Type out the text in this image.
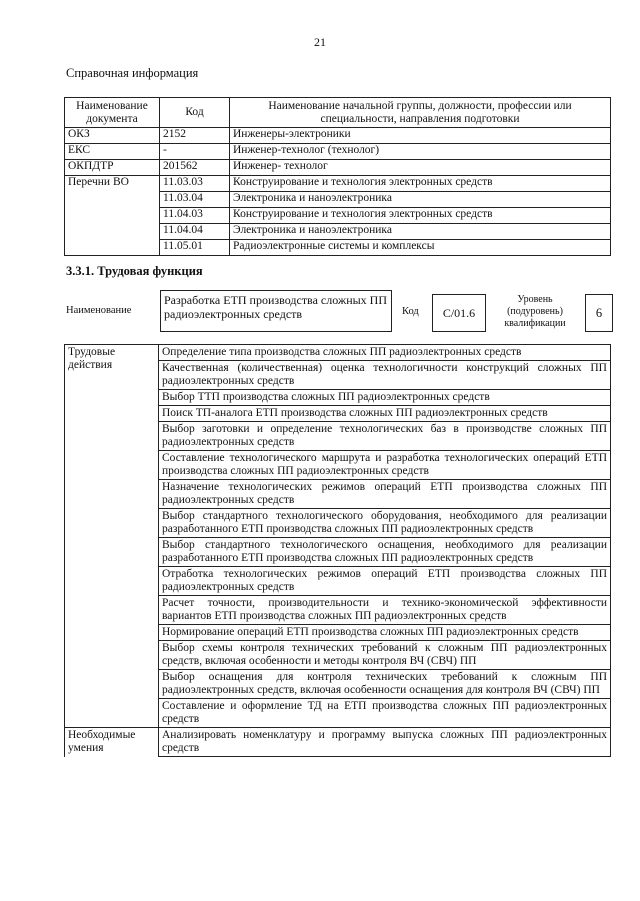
21
Справочная информация
Наименование документа	Код	Наименование начальной группы, должности, профессии или специальности, направления подготовки
ОКЗ	2152	Инженеры-электроники
ЕКС	-	Инженер-технолог (технолог)
ОКПДТР	201562	Инженер- технолог
Перечни ВО	11.03.03	Конструирование и технология электронных средств
	11.03.04	Электроника и наноэлектроника
	11.04.03	Конструирование и технология электронных средств
	11.04.04	Электроника и наноэлектроника
	11.05.01	Радиоэлектронные системы и комплексы
3.3.1. Трудовая функция
Наименование
Разработка ЕТП производства сложных ПП радиоэлектронных средств	Код	C/01.6
Уровень (подуровень) квалификации
6
Трудовые действия	Определение типа производства сложных ПП радиоэлектронных средств
	Качественная (количественная) оценка технологичности конструкций сложных ПП радиоэлектронных средств
	Выбор ТТП производства сложных ПП радиоэлектронных средств
	Поиск ТП-аналога ЕТП производства сложных ПП радиоэлектронных средств
	Выбор заготовки и определение технологических баз в производстве сложных ПП радиоэлектронных средств
	Составление технологического маршрута и разработка технологических операций ЕТП производства сложных ПП радиоэлектронных средств
	Назначение технологических режимов операций ЕТП производства сложных ПП радиоэлектронных средств
	Выбор стандартного технологического оборудования, необходимого для реализации разработанного ЕТП производства сложных ПП радиоэлектронных средств
	Выбор стандартного технологического оснащения, необходимого для реализации разработанного ЕТП производства сложных ПП радиоэлектронных средств
	Отработка технологических режимов операций ЕТП производства сложных ПП радиоэлектронных средств
	Расчет точности, производительности и технико-экономической эффективности вариантов ЕТП производства сложных ПП радиоэлектронных средств
	Нормирование операций ЕТП производства сложных ПП радиоэлектронных средств
	Выбор схемы контроля технических требований к сложным ПП радиоэлектронных средств, включая особенности и методы контроля ВЧ (СВЧ) ПП
	Выбор оснащения для контроля технических требований к сложным ПП радиоэлектронных средств, включая особенности оснащения для контроля ВЧ (СВЧ) ПП
	Составление и оформление ТД на ЕТП производства сложных ПП радиоэлектронных средств
Необходимые умения	Анализировать номенклатуру и программу выпуска сложных ПП радиоэлектронных средств
